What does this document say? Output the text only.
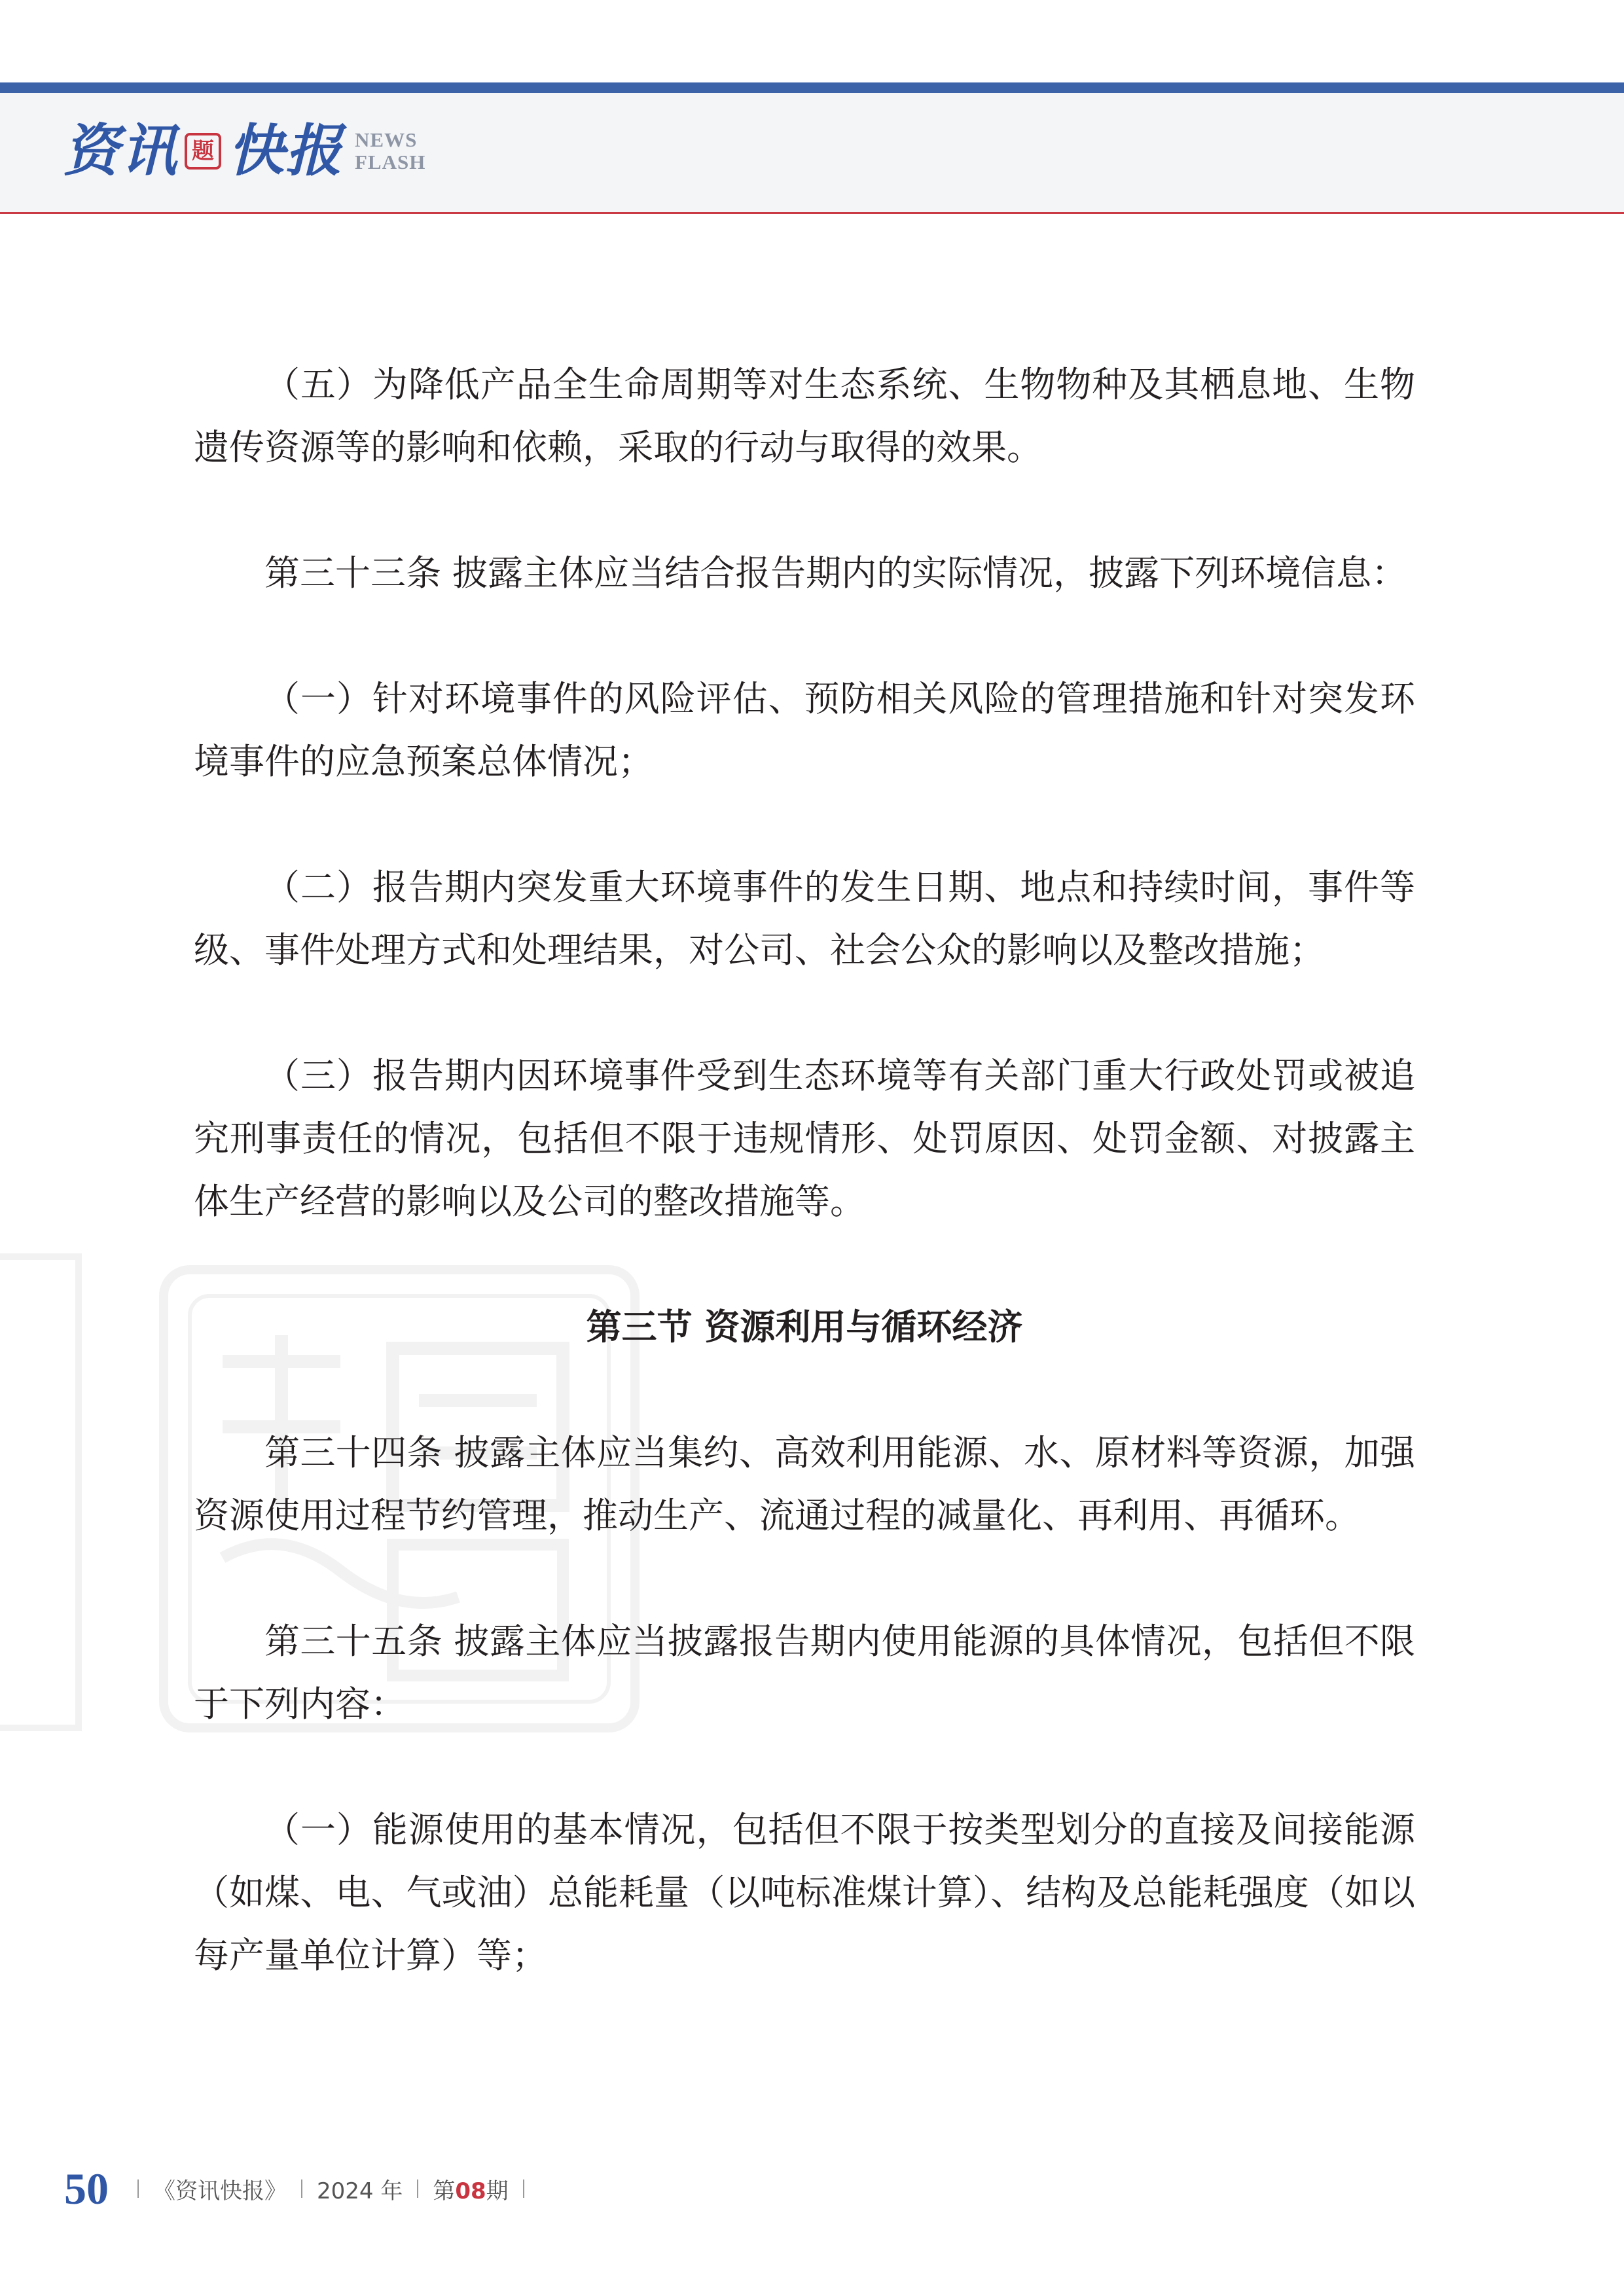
资讯 题 快报 NEWS
FLASH

（五）为降低产品全生命周期等对生态系统、生物物种及其栖息地、生物遗传资源等的影响和依赖，采取的行动与取得的效果。

第三十三条 披露主体应当结合报告期内的实际情况，披露下列环境信息：

（一）针对环境事件的风险评估、预防相关风险的管理措施和针对突发环境事件的应急预案总体情况；

（二）报告期内突发重大环境事件的发生日期、地点和持续时间，事件等级、事件处理方式和处理结果，对公司、社会公众的影响以及整改措施；

（三）报告期内因环境事件受到生态环境等有关部门重大行政处罚或被追究刑事责任的情况，包括但不限于违规情形、处罚原因、处罚金额、对披露主体生产经营的影响以及公司的整改措施等。

第三节 资源利用与循环经济

第三十四条 披露主体应当集约、高效利用能源、水、原材料等资源，加强资源使用过程节约管理，推动生产、流通过程的减量化、再利用、再循环。

第三十五条 披露主体应当披露报告期内使用能源的具体情况，包括但不限于下列内容：

（一）能源使用的基本情况，包括但不限于按类型划分的直接及间接能源（如煤、电、气或油）总能耗量（以吨标准煤计算）、结构及总能耗强度（如以每产量单位计算）等；

50 《资讯快报》 2024 年 第08期
